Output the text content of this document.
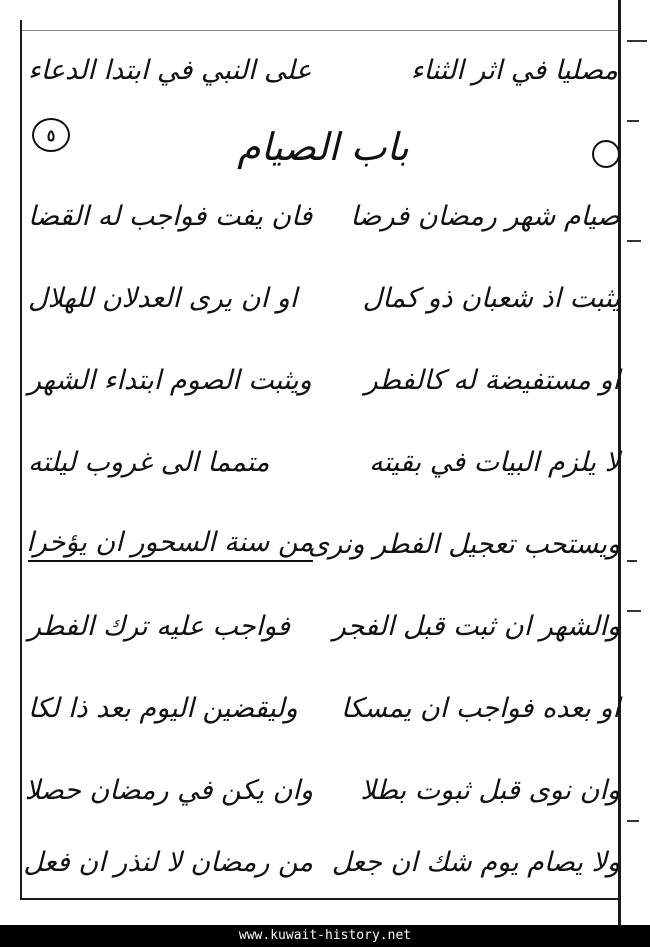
مصليا في اثر الثناء
على النبي في ابتدا الدعاء
باب الصيام
٥
صيام شهر رمضان فرضا
فان يفت فواجب له القضا
يثبت اذ شعبان ذو كمال
او ان يرى العدلان للهلال
او مستفيضة له كالفطر
ويثبت الصوم ابتداء الشهر
لا يلزم البيات في بقيته
متمما الى غروب ليلته
ويستحب تعجيل الفطر ونرى
من سنة السحور ان يؤخرا
والشهر ان ثبت قبل الفجر
فواجب عليه ترك الفطر
او بعده فواجب ان يمسكا
وليقضين اليوم بعد ذا لكا
وان نوى قبل ثبوت بطلا
وان يكن في رمضان حصلا
ولا يصام يوم شك ان جعل
من رمضان لا لنذر ان فعل
www.kuwait-history.net
